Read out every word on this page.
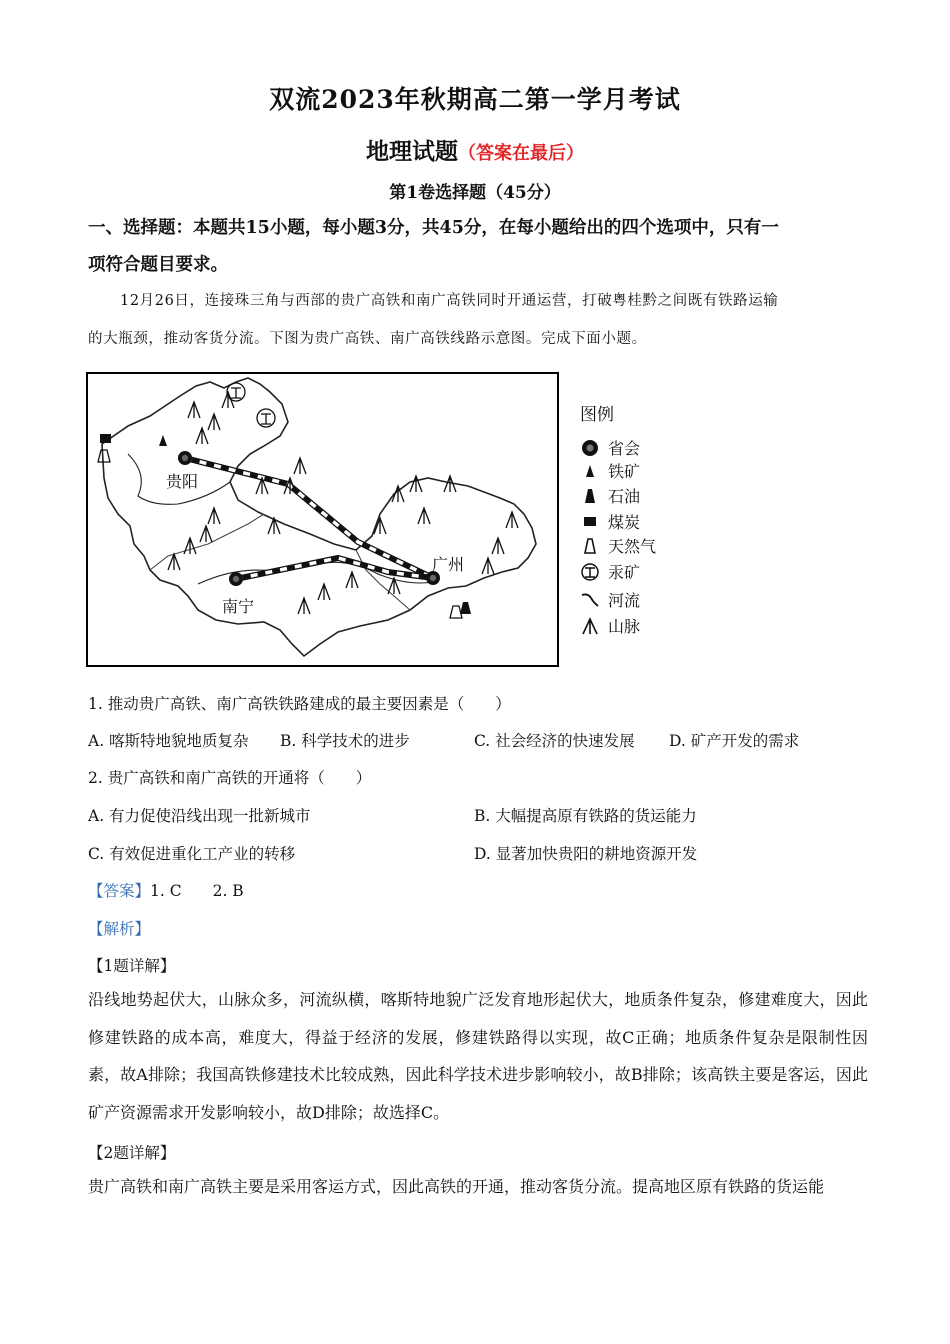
双流2023年秋期高二第一学月考试
地理试题（答案在最后）
第1卷选择题（45分）
一、选择题：本题共15小题，每小题3分，共45分，在每小题给出的四个选项中，只有一
项符合题目要求。
12月26日，连接珠三角与西部的贵广高铁和南广高铁同时开通运营，打破粤桂黔之间既有铁路运输
的大瓶颈，推动客货分流。下图为贵广高铁、南广高铁线路示意图。完成下面小题。
贵阳
南宁
广州
图例
省会
铁矿
石油
煤炭
天然气
汞矿
河流
山脉
1. 推动贵广高铁、南广高铁铁路建成的最主要因素是（　　）
A. 喀斯特地貌地质复杂 B. 科学技术的进步	C. 社会经济的快速发展 D. 矿产开发的需求
2. 贵广高铁和南广高铁的开通将（　　）
A. 有力促使沿线出现一批新城市	B. 大幅提高原有铁路的货运能力
C. 有效促进重化工产业的转移	D. 显著加快贵阳的耕地资源开发
【答案】1. C　　2. B
【解析】
【1题详解】
沿线地势起伏大，山脉众多，河流纵横，喀斯特地貌广泛发育地形起伏大，地质条件复杂，修建难度大，因此修建铁路的成本高，难度大，得益于经济的发展，修建铁路得以实现，故C正确；地质条件复杂是限制性因素，故A排除；我国高铁修建技术比较成熟，因此科学技术进步影响较小，故B排除；该高铁主要是客运，因此矿产资源需求开发影响较小，故D排除；故选择C。
【2题详解】
贵广高铁和南广高铁主要是采用客运方式，因此高铁的开通，推动客货分流。提高地区原有铁路的货运能
